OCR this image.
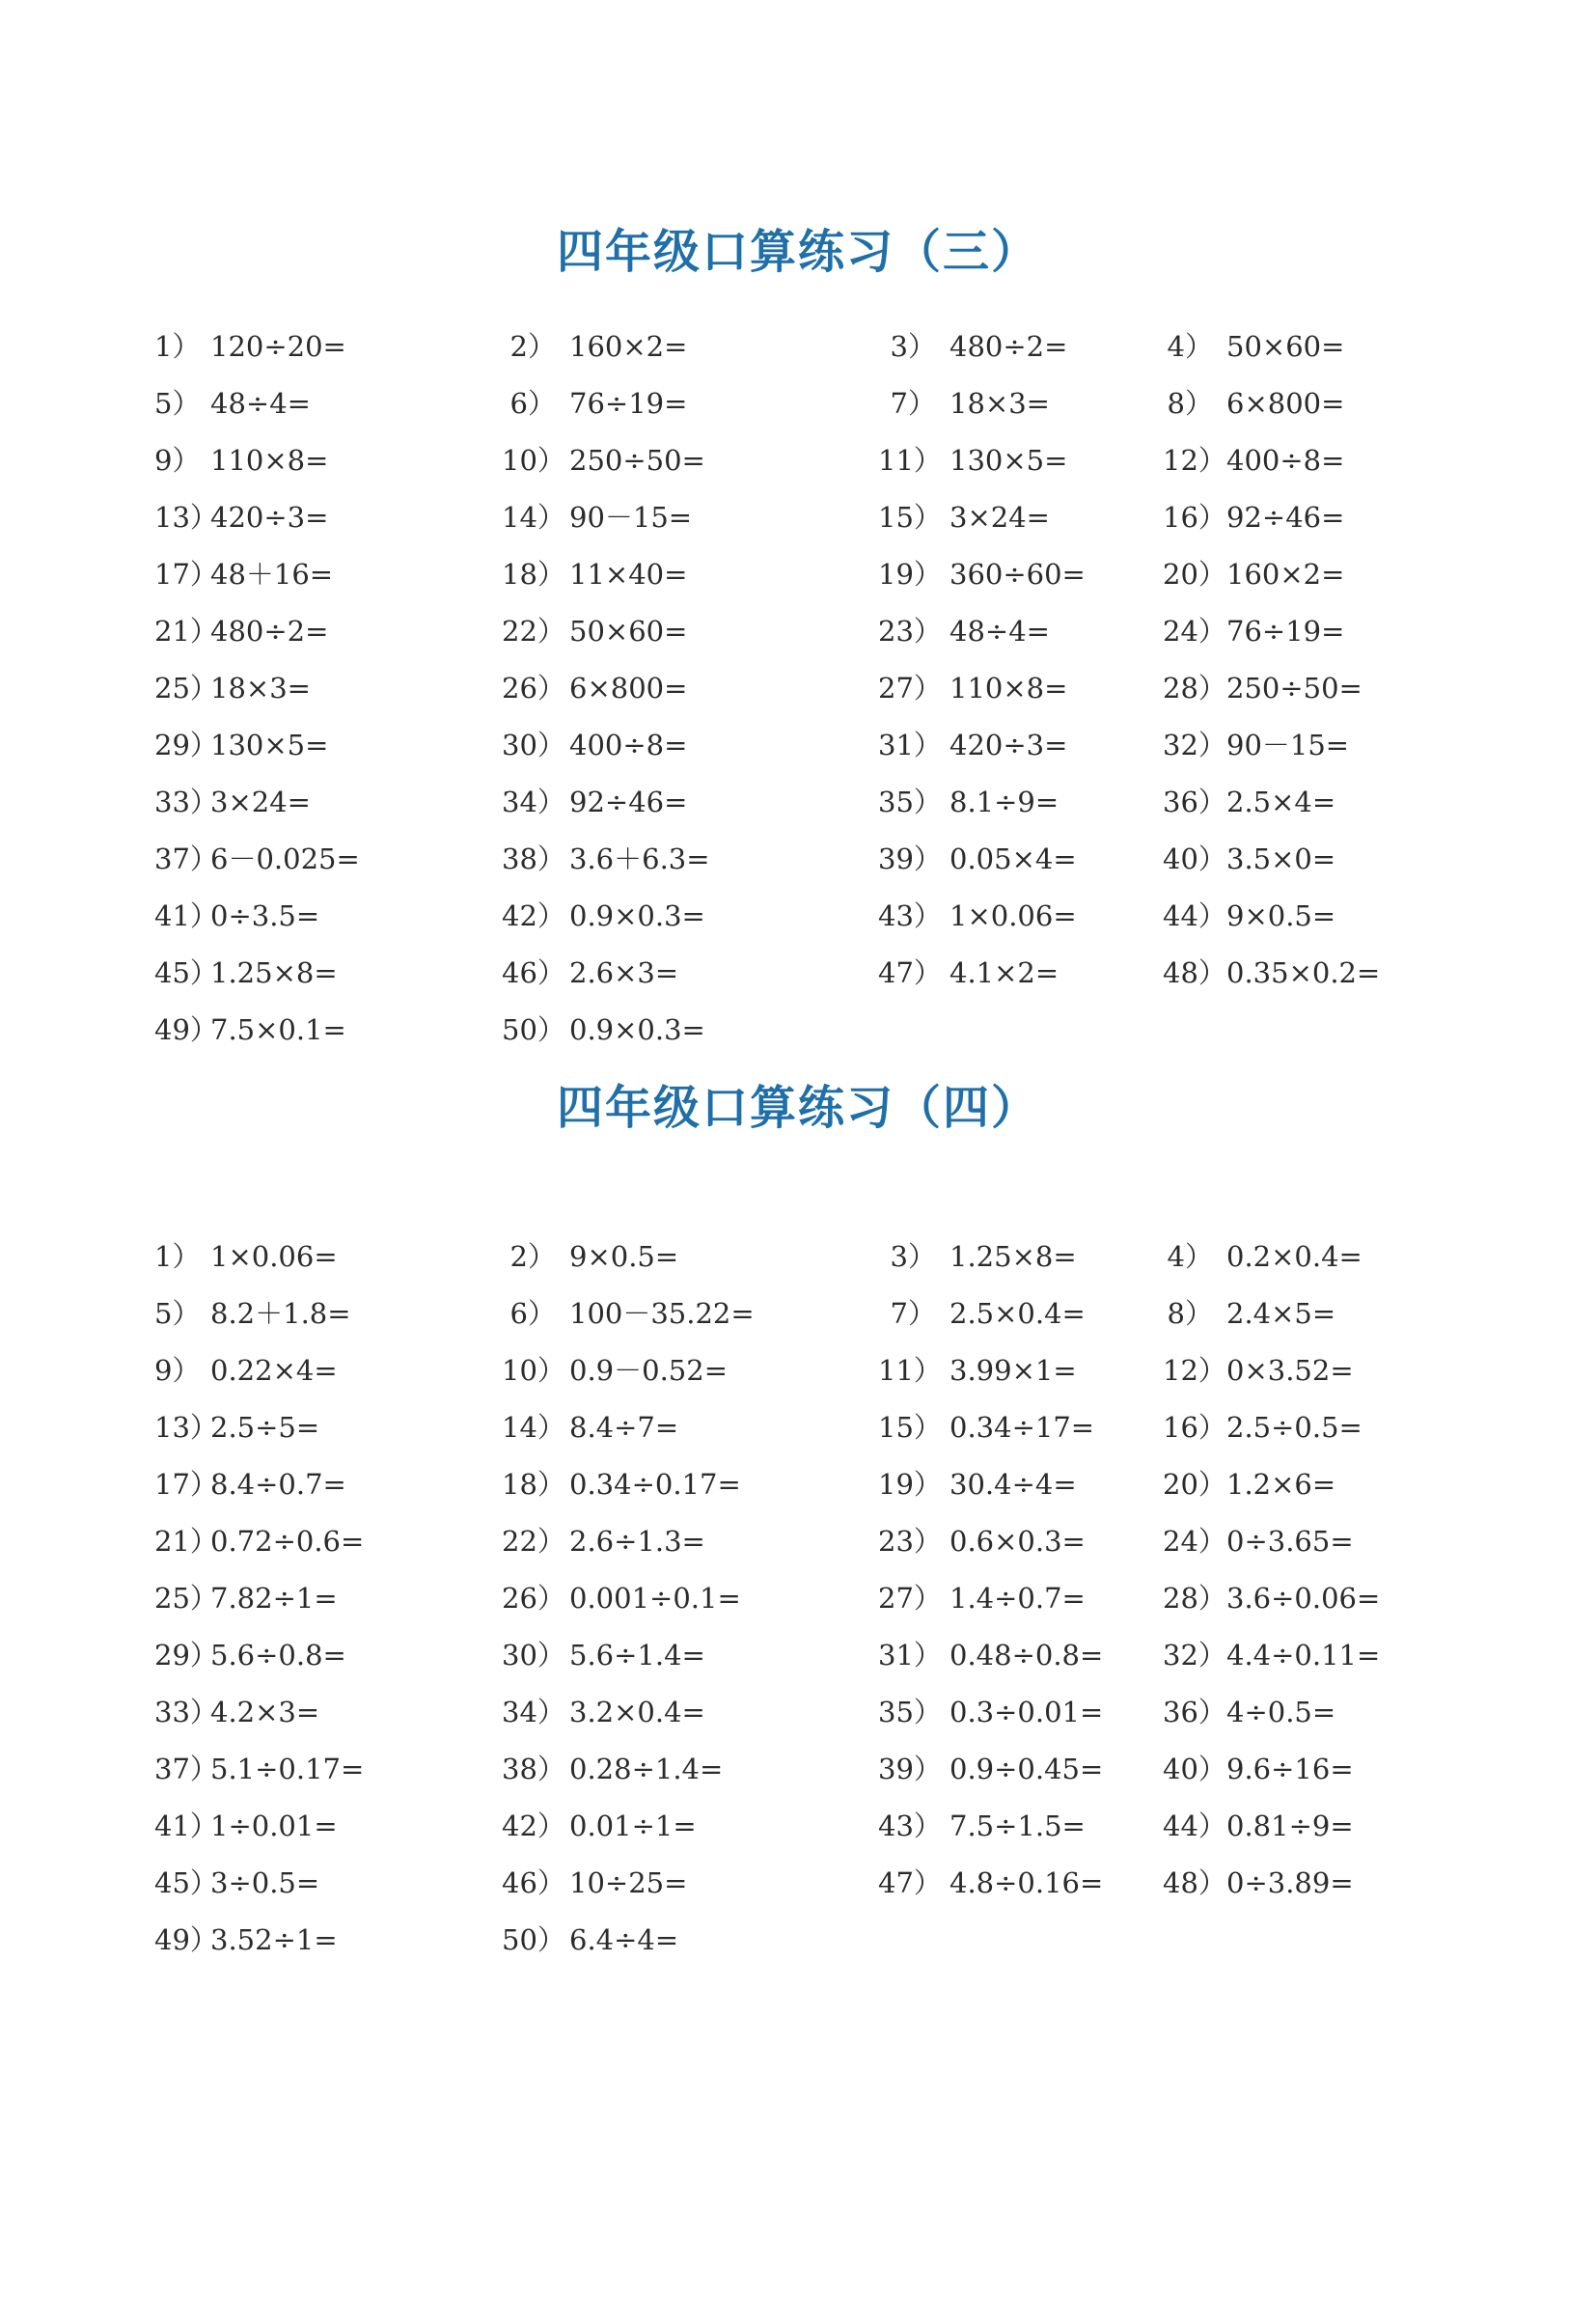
四年级口算练习（三）
1） 120÷20=	2） 160×2=	3） 480÷2=	4） 50×60=
5） 48÷4=	6） 76÷19=	7） 18×3=	8） 6×800=
9） 110×8=	10） 250÷50=	11） 130×5=	12）400÷8=
13）420÷3=	14） 90－15=	15） 3×24=	16）92÷46=
17）48＋16=	18） 11×40=	19） 360÷60=	20）160×2=
21）480÷2=	22） 50×60=	23） 48÷4=	24）76÷19=
25）18×3=	26） 6×800=	27） 110×8=	28）250÷50=
29）130×5=	30） 400÷8=	31） 420÷3=	32）90－15=
33）3×24=	34） 92÷46=	35） 8.1÷9=	36）2.5×4=
37）6－0.025=	38） 3.6＋6.3=	39） 0.05×4=	40）3.5×0=
41）0÷3.5=	42） 0.9×0.3=	43） 1×0.06=	44）9×0.5=
45）1.25×8=	46） 2.6×3=	47） 4.1×2=	48）0.35×0.2=
49）7.5×0.1=	50） 0.9×0.3=
四年级口算练习（四）
1） 1×0.06=	2） 9×0.5=	3） 1.25×8=	4） 0.2×0.4=
5） 8.2＋1.8=	6） 100－35.22=	7） 2.5×0.4=	8） 2.4×5=
9） 0.22×4=	10） 0.9－0.52=	11） 3.99×1=	12）0×3.52=
13）2.5÷5=	14） 8.4÷7=	15） 0.34÷17= 16）2.5÷0.5=
17）8.4÷0.7=	18） 0.34÷0.17=	19） 30.4÷4=	20）1.2×6=
21）0.72÷0.6=	22） 2.6÷1.3=	23） 0.6×0.3=	24）0÷3.65=
25）7.82÷1=	26） 0.001÷0.1=	27） 1.4÷0.7=	28）3.6÷0.06=
29）5.6÷0.8=	30） 5.6÷1.4=	31） 0.48÷0.8= 32）4.4÷0.11=
33）4.2×3=	34） 3.2×0.4=	35） 0.3÷0.01= 36）4÷0.5=
37）5.1÷0.17=	38） 0.28÷1.4=	39） 0.9÷0.45= 40）9.6÷16=
41）1÷0.01=	42） 0.01÷1=	43） 7.5÷1.5=	44）0.81÷9=
45）3÷0.5=	46） 10÷25=	47） 4.8÷0.16= 48）0÷3.89=
49）3.52÷1=	50） 6.4÷4=
